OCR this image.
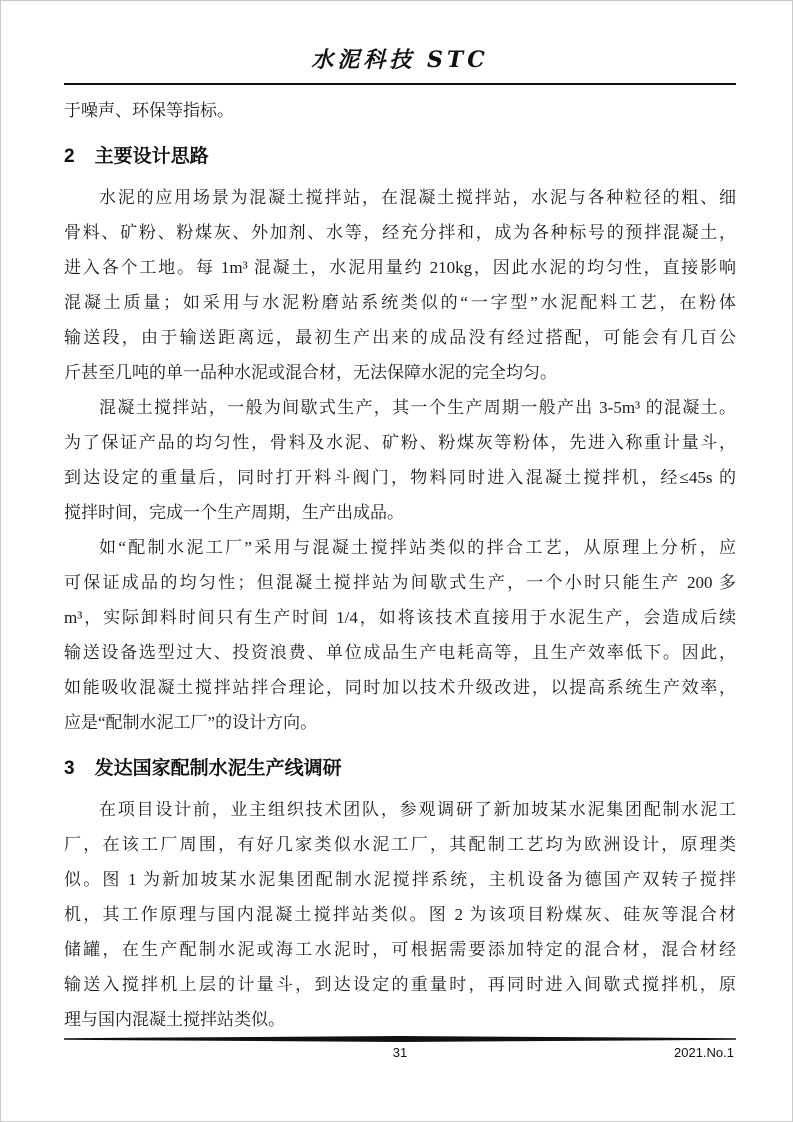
水泥科技 STC
于噪声、环保等指标。
2 主要设计思路
水泥的应用场景为混凝土搅拌站，在混凝土搅拌站，水泥与各种粒径的粗、细
骨料、矿粉、粉煤灰、外加剂、水等，经充分拌和，成为各种标号的预拌混凝土，
进入各个工地。每 1m³ 混凝土，水泥用量约 210kg，因此水泥的均匀性，直接影响
混凝土质量；如采用与水泥粉磨站系统类似的“一字型”水泥配料工艺，在粉体
输送段，由于输送距离远，最初生产出来的成品没有经过搭配，可能会有几百公
斤甚至几吨的单一品种水泥或混合材，无法保障水泥的完全均匀。
混凝土搅拌站，一般为间歇式生产，其一个生产周期一般产出 3-5m³ 的混凝土。
为了保证产品的均匀性，骨料及水泥、矿粉、粉煤灰等粉体，先进入称重计量斗，
到达设定的重量后，同时打开料斗阀门，物料同时进入混凝土搅拌机，经≤45s 的
搅拌时间，完成一个生产周期，生产出成品。
如“配制水泥工厂”采用与混凝土搅拌站类似的拌合工艺，从原理上分析，应
可保证成品的均匀性；但混凝土搅拌站为间歇式生产，一个小时只能生产 200 多
m³，实际卸料时间只有生产时间 1/4，如将该技术直接用于水泥生产，会造成后续
输送设备选型过大、投资浪费、单位成品生产电耗高等，且生产效率低下。因此，
如能吸收混凝土搅拌站拌合理论，同时加以技术升级改进，以提高系统生产效率，
应是“配制水泥工厂”的设计方向。
3 发达国家配制水泥生产线调研
在项目设计前，业主组织技术团队，参观调研了新加坡某水泥集团配制水泥工
厂，在该工厂周围，有好几家类似水泥工厂，其配制工艺均为欧洲设计，原理类
似。图 1 为新加坡某水泥集团配制水泥搅拌系统，主机设备为德国产双转子搅拌
机，其工作原理与国内混凝土搅拌站类似。图 2 为该项目粉煤灰、硅灰等混合材
储罐，在生产配制水泥或海工水泥时，可根据需要添加特定的混合材，混合材经
输送入搅拌机上层的计量斗，到达设定的重量时，再同时进入间歇式搅拌机，原
理与国内混凝土搅拌站类似。
31	2021.No.1
